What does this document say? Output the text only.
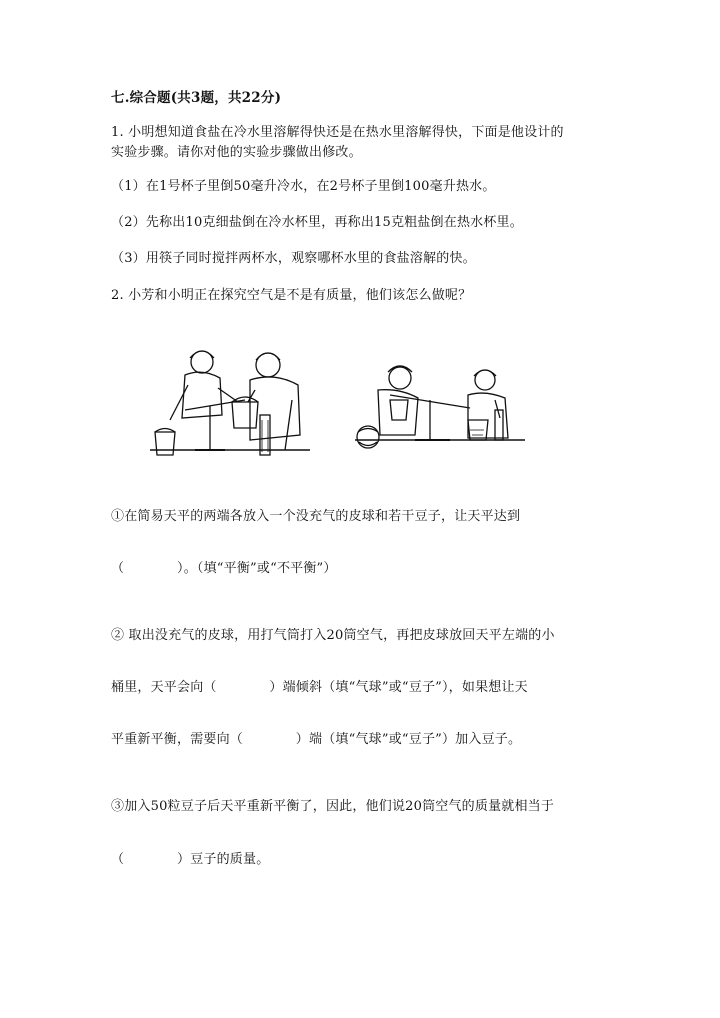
七.综合题(共3题，共22分)
1. 小明想知道食盐在冷水里溶解得快还是在热水里溶解得快，下面是他设计的
实验步骤。请你对他的实验步骤做出修改。
（1）在1号杯子里倒50毫升冷水，在2号杯子里倒100毫升热水。
（2）先称出10克细盐倒在冷水杯里，再称出15克粗盐倒在热水杯里。
（3）用筷子同时搅拌两杯水，观察哪杯水里的食盐溶解的快。
2. 小芳和小明正在探究空气是不是有质量，他们该怎么做呢？
①在简易天平的两端各放入一个没充气的皮球和若干豆子，让天平达到
（　　　　）。（填“平衡”或“不平衡”）
② 取出没充气的皮球，用打气筒打入20筒空气，再把皮球放回天平左端的小
桶里，天平会向（　　　　）端倾斜（填“气球”或“豆子”），如果想让天
平重新平衡，需要向（　　　　）端（填“气球”或“豆子”）加入豆子。
③加入50粒豆子后天平重新平衡了，因此，他们说20筒空气的质量就相当于
（　　　　）豆子的质量。
